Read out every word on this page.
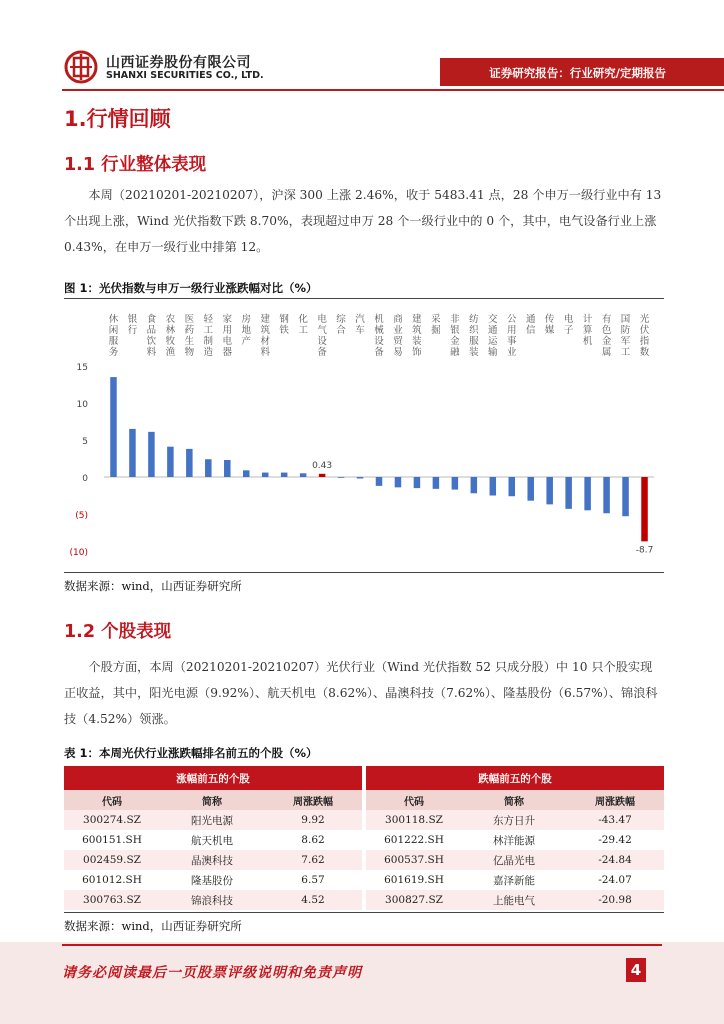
山西证券股份有限公司
SHANXI SECURITIES CO., LTD.	证券研究报告：行业研究/定期报告
1.行情回顾
1.1 行业整体表现

本周（20210201-20210207），沪深 300 上涨 2.46%，收于 5483.41 点，28 个申万一级行业中有 13 个出现上涨，Wind 光伏指数下跌 8.70%，表现超过申万 28 个一级行业中的 0 个，其中，电气设备行业上涨 0.43%，在申万一级行业中排第 12。

图 1：光伏指数与申万一级行业涨跌幅对比（%）
15
10
5
0
(5)
(10)
休
闲
服
务
银
行
食
品
饮
料
农
林
牧
渔
医
药
生
物
轻
工
制
造
家
用
电
器
房
地
产
建
筑
材
料
钢
铁
化
工
电
气
设
备
0.43
综
合
汽
车
机
械
设
备
商
业
贸
易
建
筑
装
饰
采
掘
非
银
金
融
纺
织
服
装
交
通
运
输
公
用
事
业
通
信
传
媒
电
子
计
算
机
有
色
金
属
国
防
军
工
光
伏
指
数
-8.7
数据来源：wind，山西证券研究所
1.2 个股表现

个股方面，本周（20210201-20210207）光伏行业（Wind 光伏指数 52 只成分股）中 10 只个股实现正收益，其中，阳光电源（9.92%）、航天机电（8.62%）、晶澳科技（7.62%）、隆基股份（6.57%）、锦浪科技（4.52%）领涨。

表 1：本周光伏行业涨跌幅排名前五的个股（%）
涨幅前五的个股				跌幅前五的个股		
代码	简称	周涨跌幅		代码	简称	周涨跌幅
300274.SZ	阳光电源	9.92		300118.SZ	东方日升	-43.47
600151.SH	航天机电	8.62		601222.SH	林洋能源	-29.42
002459.SZ	晶澳科技	7.62		600537.SH	亿晶光电	-24.84
601012.SH	隆基股份	6.57		601619.SH	嘉泽新能	-24.07
300763.SZ	锦浪科技	4.52		300827.SZ	上能电气	-20.98
数据来源：wind，山西证券研究所
请务必阅读最后一页股票评级说明和免责声明	4
